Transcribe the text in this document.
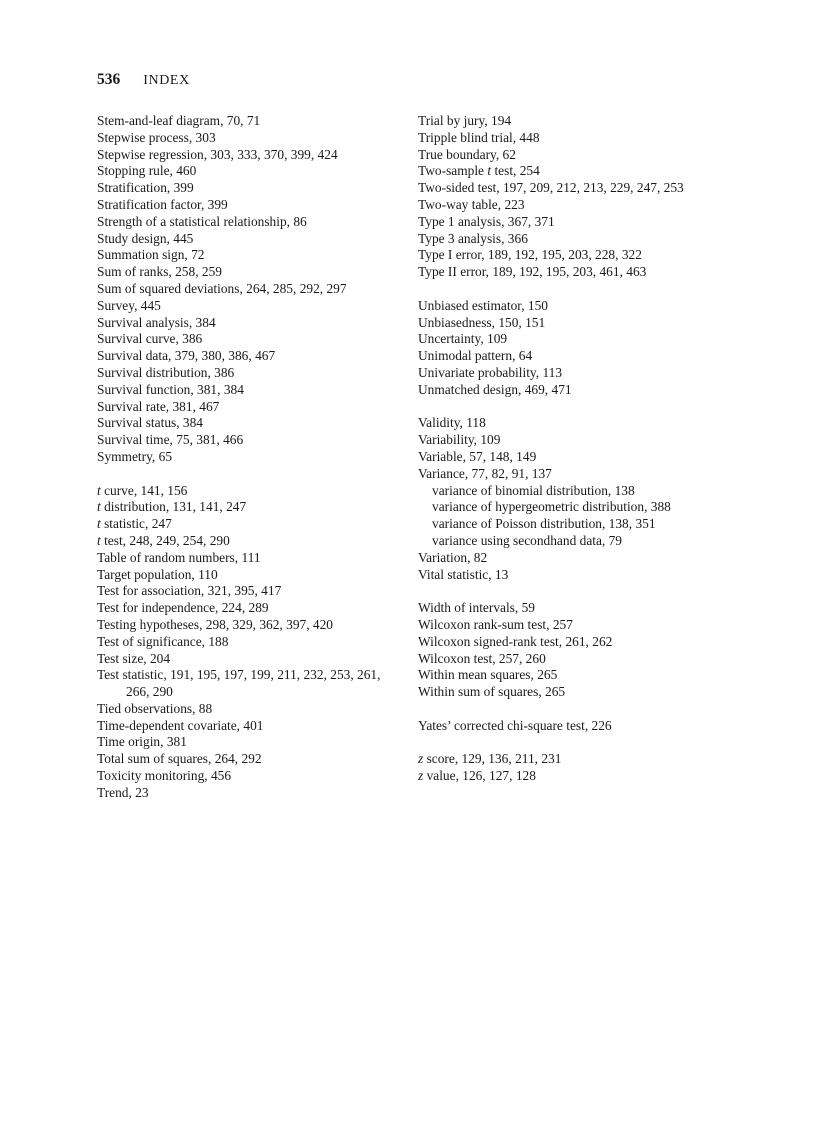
536 INDEX
Stem-and-leaf diagram, 70, 71
Stepwise process, 303
Stepwise regression, 303, 333, 370, 399, 424
Stopping rule, 460
Stratification, 399
Stratification factor, 399
Strength of a statistical relationship, 86
Study design, 445
Summation sign, 72
Sum of ranks, 258, 259
Sum of squared deviations, 264, 285, 292, 297
Survey, 445
Survival analysis, 384
Survival curve, 386
Survival data, 379, 380, 386, 467
Survival distribution, 386
Survival function, 381, 384
Survival rate, 381, 467
Survival status, 384
Survival time, 75, 381, 466
Symmetry, 65
t curve, 141, 156
t distribution, 131, 141, 247
t statistic, 247
t test, 248, 249, 254, 290
Table of random numbers, 111
Target population, 110
Test for association, 321, 395, 417
Test for independence, 224, 289
Testing hypotheses, 298, 329, 362, 397, 420
Test of significance, 188
Test size, 204
Test statistic, 191, 195, 197, 199, 211, 232, 253, 261, 266, 290
Tied observations, 88
Time-dependent covariate, 401
Time origin, 381
Total sum of squares, 264, 292
Toxicity monitoring, 456
Trend, 23
Trial by jury, 194
Tripple blind trial, 448
True boundary, 62
Two-sample t test, 254
Two-sided test, 197, 209, 212, 213, 229, 247, 253
Two-way table, 223
Type 1 analysis, 367, 371
Type 3 analysis, 366
Type I error, 189, 192, 195, 203, 228, 322
Type II error, 189, 192, 195, 203, 461, 463
Unbiased estimator, 150
Unbiasedness, 150, 151
Uncertainty, 109
Unimodal pattern, 64
Univariate probability, 113
Unmatched design, 469, 471
Validity, 118
Variability, 109
Variable, 57, 148, 149
Variance, 77, 82, 91, 137
variance of binomial distribution, 138
variance of hypergeometric distribution, 388
variance of Poisson distribution, 138, 351
variance using secondhand data, 79
Variation, 82
Vital statistic, 13
Width of intervals, 59
Wilcoxon rank-sum test, 257
Wilcoxon signed-rank test, 261, 262
Wilcoxon test, 257, 260
Within mean squares, 265
Within sum of squares, 265
Yates’ corrected chi-square test, 226
z score, 129, 136, 211, 231
z value, 126, 127, 128
